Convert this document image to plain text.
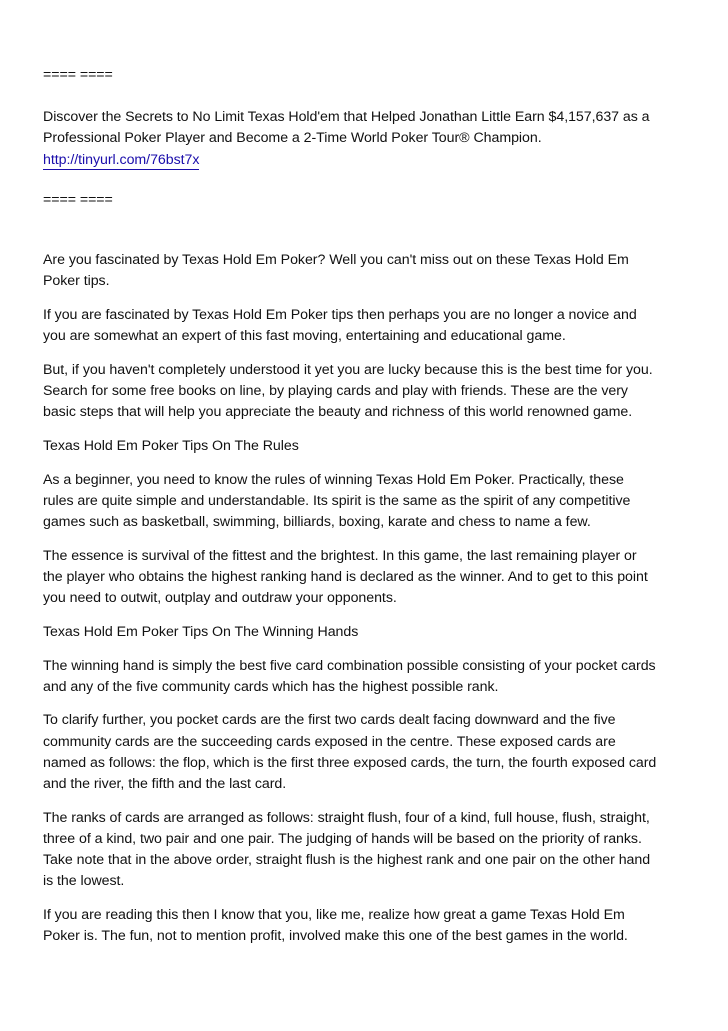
==== ====
Discover the Secrets to No Limit Texas Hold'em that Helped Jonathan Little Earn $4,157,637 as a
Professional Poker Player and Become a 2-Time World Poker Tour® Champion.
http://tinyurl.com/76bst7x
==== ====

Are you fascinated by Texas Hold Em Poker? Well you can't miss out on these Texas Hold Em
Poker tips.

If you are fascinated by Texas Hold Em Poker tips then perhaps you are no longer a novice and
you are somewhat an expert of this fast moving, entertaining and educational game.

But, if you haven't completely understood it yet you are lucky because this is the best time for you.
Search for some free books on line, by playing cards and play with friends. These are the very
basic steps that will help you appreciate the beauty and richness of this world renowned game.

Texas Hold Em Poker Tips On The Rules

As a beginner, you need to know the rules of winning Texas Hold Em Poker. Practically, these
rules are quite simple and understandable. Its spirit is the same as the spirit of any competitive
games such as basketball, swimming, billiards, boxing, karate and chess to name a few.

The essence is survival of the fittest and the brightest. In this game, the last remaining player or
the player who obtains the highest ranking hand is declared as the winner. And to get to this point
you need to outwit, outplay and outdraw your opponents.

Texas Hold Em Poker Tips On The Winning Hands

The winning hand is simply the best five card combination possible consisting of your pocket cards
and any of the five community cards which has the highest possible rank.

To clarify further, you pocket cards are the first two cards dealt facing downward and the five
community cards are the succeeding cards exposed in the centre. These exposed cards are
named as follows: the flop, which is the first three exposed cards, the turn, the fourth exposed card
and the river, the fifth and the last card.

The ranks of cards are arranged as follows: straight flush, four of a kind, full house, flush, straight,
three of a kind, two pair and one pair. The judging of hands will be based on the priority of ranks.
Take note that in the above order, straight flush is the highest rank and one pair on the other hand
is the lowest.

If you are reading this then I know that you, like me, realize how great a game Texas Hold Em
Poker is. The fun, not to mention profit, involved make this one of the best games in the world.
